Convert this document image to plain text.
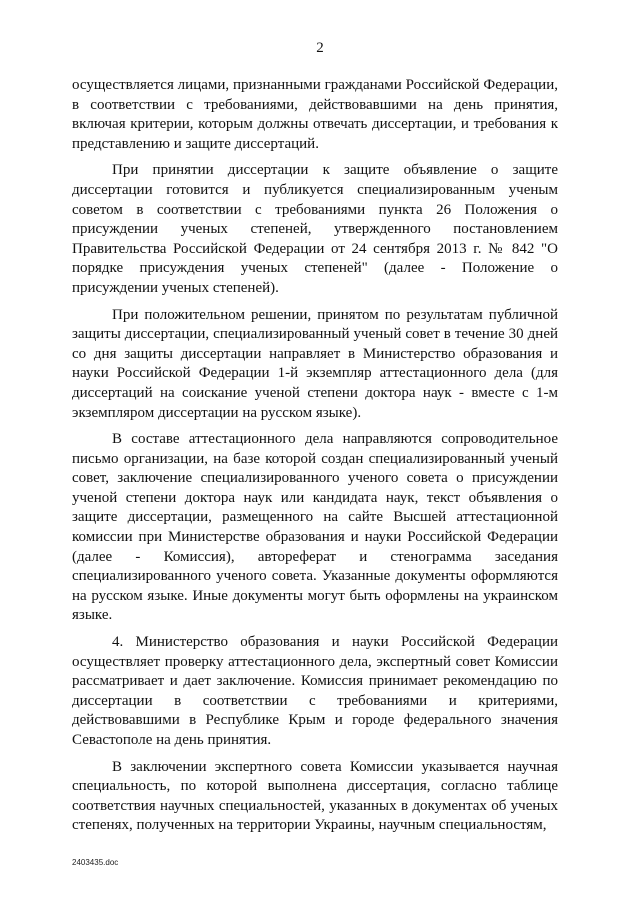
2

осуществляется лицами, признанными гражданами Российской Федерации, в соответствии с требованиями, действовавшими на день принятия, включая критерии, которым должны отвечать диссертации, и требования к представлению и защите диссертаций.

При принятии диссертации к защите объявление о защите диссертации готовится и публикуется специализированным ученым советом в соответствии с требованиями пункта 26 Положения о присуждении ученых степеней, утвержденного постановлением Правительства Российской Федерации от 24 сентября 2013 г. № 842 "О порядке присуждения ученых степеней" (далее - Положение о присуждении ученых степеней).

При положительном решении, принятом по результатам публичной защиты диссертации, специализированный ученый совет в течение 30 дней со дня защиты диссертации направляет в Министерство образования и науки Российской Федерации 1-й экземпляр аттестационного дела (для диссертаций на соискание ученой степени доктора наук - вместе с 1-м экземпляром диссертации на русском языке).

В составе аттестационного дела направляются сопроводительное письмо организации, на базе которой создан специализированный ученый совет, заключение специализированного ученого совета о присуждении ученой степени доктора наук или кандидата наук, текст объявления о защите диссертации, размещенного на сайте Высшей аттестационной комиссии при Министерстве образования и науки Российской Федерации (далее - Комиссия), автореферат и стенограмма заседания специализированного ученого совета. Указанные документы оформляются на русском языке. Иные документы могут быть оформлены на украинском языке.

4. Министерство образования и науки Российской Федерации осуществляет проверку аттестационного дела, экспертный совет Комиссии рассматривает и дает заключение. Комиссия принимает рекомендацию по диссертации в соответствии с требованиями и критериями, действовавшими в Республике Крым и городе федерального значения Севастополе на день принятия.

В заключении экспертного совета Комиссии указывается научная специальность, по которой выполнена диссертация, согласно таблице соответствия научных специальностей, указанных в документах об ученых степенях, полученных на территории Украины, научным специальностям,

2403435.doc
